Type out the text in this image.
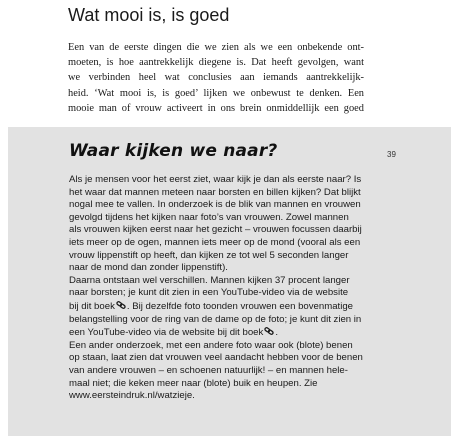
Wat mooi is, is goed
Een van de eerste dingen die we zien als we een onbekende ont-
moeten, is hoe aantrekkelijk diegene is. Dat heeft gevolgen, want
we verbinden heel wat conclusies aan iemands aantrekkelijk-
heid. ‘Wat mooi is, is goed’ lijken we onbewust te denken. Een
mooie man of vrouw activeert in ons brein onmiddellijk een goed
Waar kijken we naar?	39
Als je mensen voor het eerst ziet, waar kijk je dan als eerste naar? Is
het waar dat mannen meteen naar borsten en billen kijken? Dat blijkt
nogal mee te vallen. In onderzoek is de blik van mannen en vrouwen
gevolgd tijdens het kijken naar foto’s van vrouwen. Zowel mannen
als vrouwen kijken eerst naar het gezicht – vrouwen focussen daarbij
iets meer op de ogen, mannen iets meer op de mond (vooral als een
vrouw lippenstift op heeft, dan kijken ze tot wel 5 seconden langer
naar de mond dan zonder lippenstift).
Daarna ontstaan wel verschillen. Mannen kijken 37 procent langer
naar borsten; je kunt dit zien in een YouTube-video via de website
bij dit boek . Bij dezelfde foto toonden vrouwen een bovenmatige
belangstelling voor de ring van de dame op de foto; je kunt dit zien in
een YouTube-video via de website bij dit boek .
Een ander onderzoek, met een andere foto waar ook (blote) benen
op staan, laat zien dat vrouwen veel aandacht hebben voor de benen
van andere vrouwen – en schoenen natuurlijk! – en mannen hele-
maal niet; die keken meer naar (blote) buik en heupen. Zie
www.eersteindruk.nl/watzieje.
